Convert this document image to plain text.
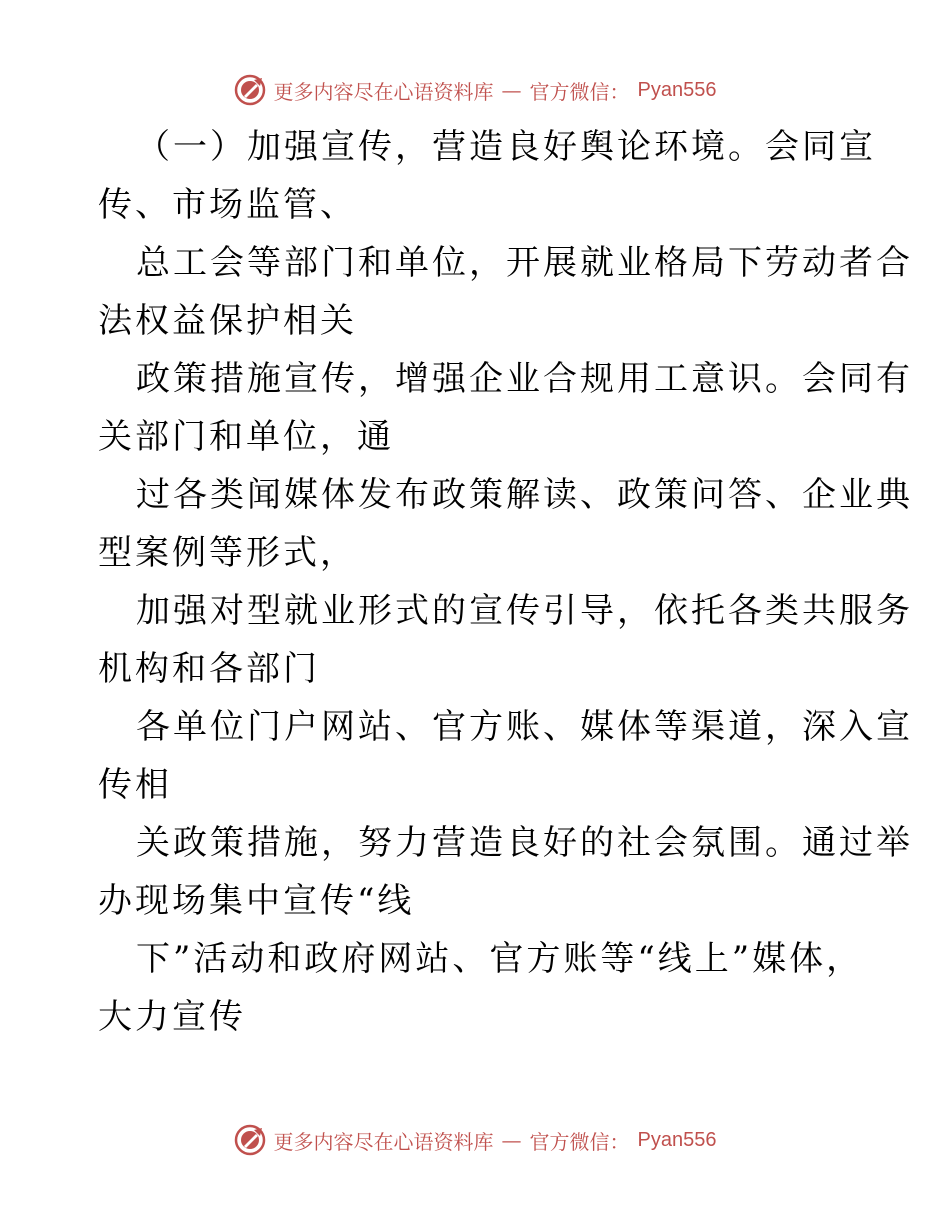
更多内容尽在心语资料库 — 官方微信： Pyan556
（一）加强宣传，营造良好舆论环境。会同宣
传、市场监管、
总工会等部门和单位，开展就业格局下劳动者合
法权益保护相关
政策措施宣传，增强企业合规用工意识。会同有
关部门和单位，通
过各类闻媒体发布政策解读、政策问答、企业典
型案例等形式，
加强对型就业形式的宣传引导，依托各类共服务
机构和各部门
各单位门户网站、官方账、媒体等渠道，深入宣
传相
关政策措施，努力营造良好的社会氛围。通过举
办现场集中宣传“线
下”活动和政府网站、官方账等“线上”媒体，
大力宣传
更多内容尽在心语资料库 — 官方微信： Pyan556
